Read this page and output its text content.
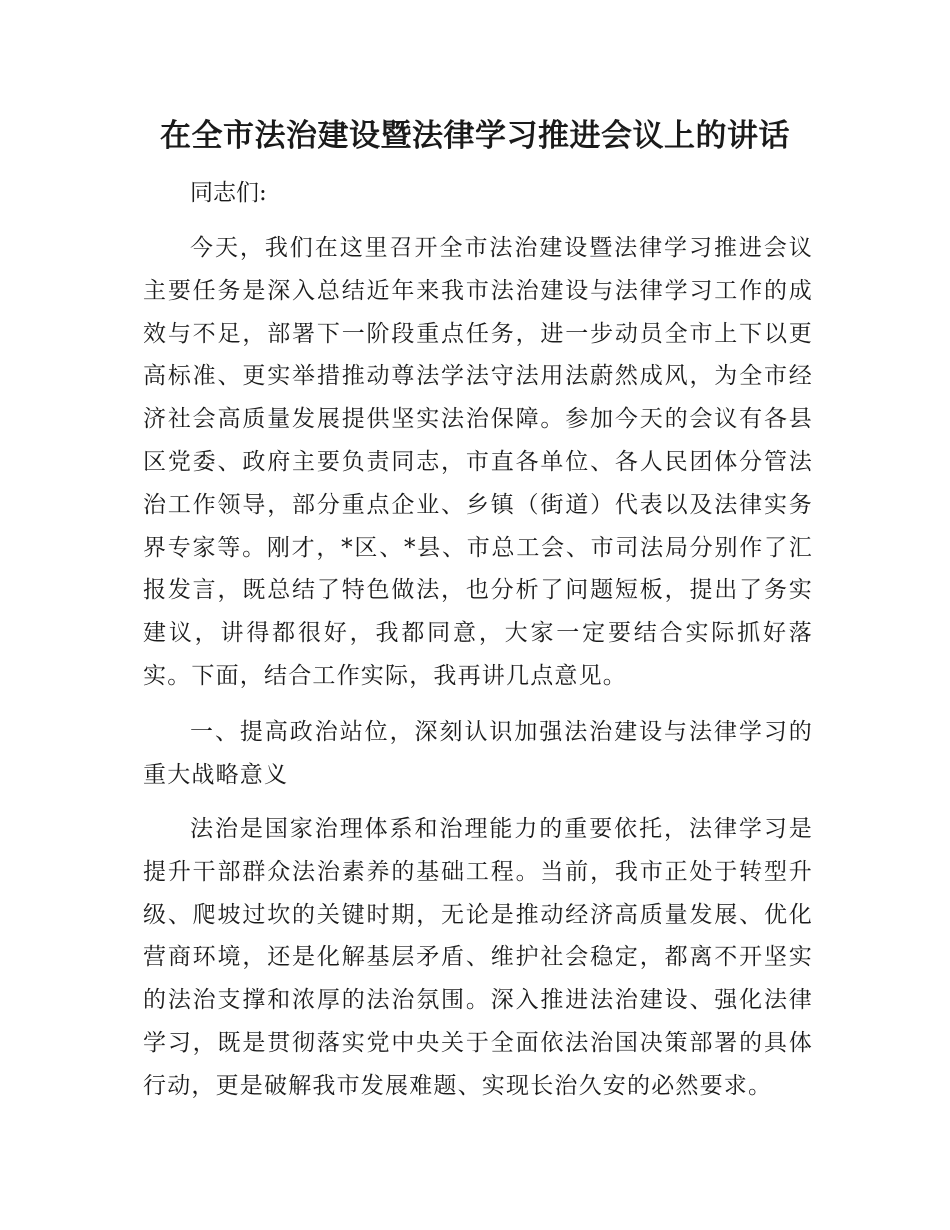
在全市法治建设暨法律学习推进会议上的讲话

同志们:

今天，我们在这里召开全市法治建设暨法律学习推进会议主要任务是深入总结近年来我市法治建设与法律学习工作的成效与不足，部署下一阶段重点任务，进一步动员全市上下以更高标准、更实举措推动尊法学法守法用法蔚然成风，为全市经济社会高质量发展提供坚实法治保障。参加今天的会议有各县区党委、政府主要负责同志，市直各单位、各人民团体分管法治工作领导，部分重点企业、乡镇（街道）代表以及法律实务界专家等。刚才，*区、*县、市总工会、市司法局分别作了汇报发言，既总结了特色做法，也分析了问题短板，提出了务实建议，讲得都很好，我都同意，大家一定要结合实际抓好落实。下面，结合工作实际，我再讲几点意见。

一、提高政治站位，深刻认识加强法治建设与法律学习的重大战略意义

法治是国家治理体系和治理能力的重要依托，法律学习是提升干部群众法治素养的基础工程。当前，我市正处于转型升级、爬坡过坎的关键时期，无论是推动经济高质量发展、优化营商环境，还是化解基层矛盾、维护社会稳定，都离不开坚实的法治支撑和浓厚的法治氛围。深入推进法治建设、强化法律学习，既是贯彻落实党中央关于全面依法治国决策部署的具体行动，更是破解我市发展难题、实现长治久安的必然要求。
